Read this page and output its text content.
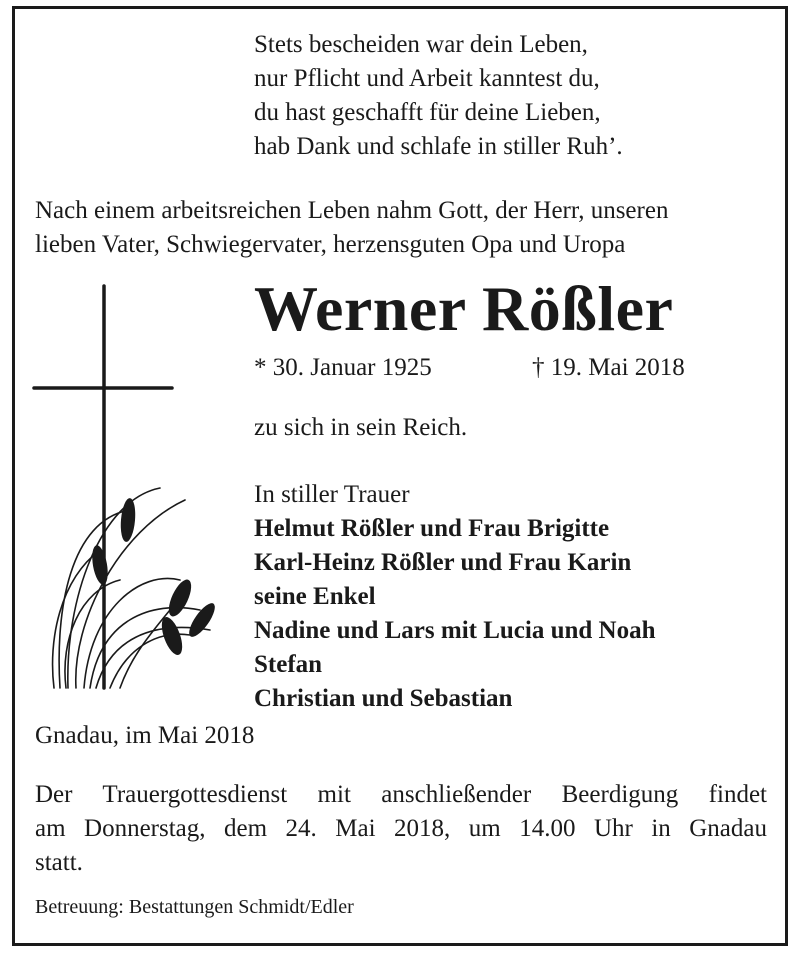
Stets bescheiden war dein Leben,
nur Pflicht und Arbeit kanntest du,
du hast geschafft für deine Lieben,
hab Dank und schlafe in stiller Ruh’.
Nach einem arbeitsreichen Leben nahm Gott, der Herr, unseren
lieben Vater, Schwiegervater, herzensguten Opa und Uropa
Werner Rößler
* 30. Januar 1925	† 19. Mai 2018
zu sich in sein Reich.
In stiller Trauer
Helmut Rößler und Frau Brigitte
Karl-Heinz Rößler und Frau Karin
seine Enkel
Nadine und Lars mit Lucia und Noah
Stefan
Christian und Sebastian
Gnadau, im Mai 2018
Der Trauergottesdienst mit anschließender Beerdigung findet
am Donnerstag, dem 24. Mai 2018, um 14.00 Uhr in Gnadau
statt.
Betreuung: Bestattungen Schmidt/Edler
